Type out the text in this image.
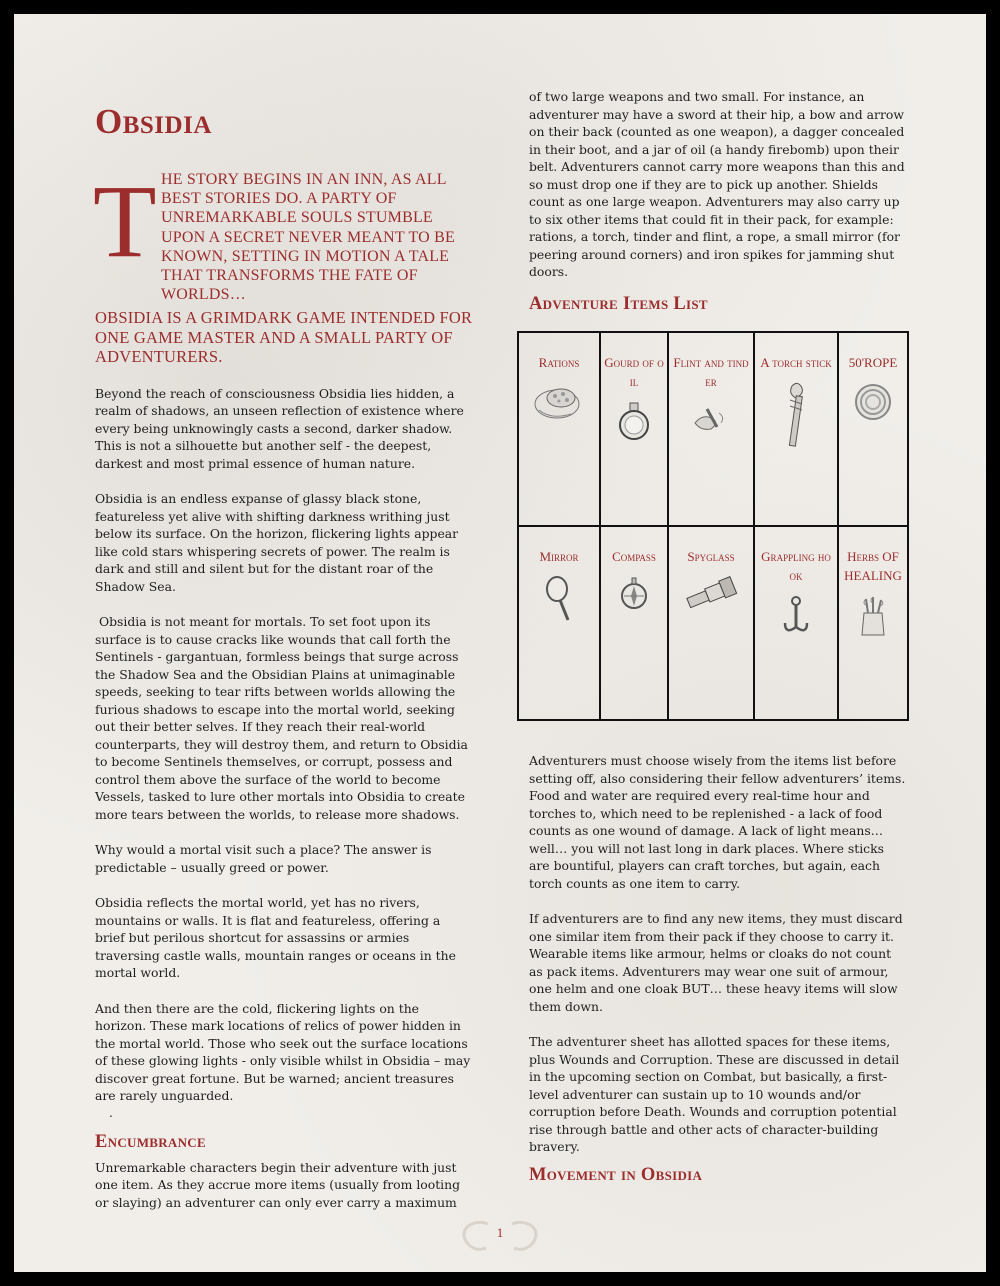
Obsidia
T HE STORY BEGINS IN AN INN, AS ALL BEST STORIES DO. A PARTY OF UNREMARKABLE SOULS STUMBLE UPON A SECRET NEVER MEANT TO BE KNOWN, SETTING IN MOTION A TALE THAT TRANSFORMS THE FATE OF WORLDS…
OBSIDIA IS A GRIMDARK GAME INTENDED FOR ONE GAME MASTER AND A SMALL PARTY OF ADVENTURERS.

Beyond the reach of consciousness Obsidia lies hidden, a realm of shadows, an unseen reflection of existence where every being unknowingly casts a second, darker shadow. This is not a silhouette but another self - the deepest, darkest and most primal essence of human nature.

Obsidia is an endless expanse of glassy black stone, featureless yet alive with shifting darkness writhing just below its surface. On the horizon, flickering lights appear like cold stars whispering secrets of power. The realm is dark and still and silent but for the distant roar of the Shadow Sea.

Obsidia is not meant for mortals. To set foot upon its surface is to cause cracks like wounds that call forth the Sentinels - gargantuan, formless beings that surge across the Shadow Sea and the Obsidian Plains at unimaginable speeds, seeking to tear rifts between worlds allowing the furious shadows to escape into the mortal world, seeking out their better selves. If they reach their real-world counterparts, they will destroy them, and return to Obsidia to become Sentinels themselves, or corrupt, possess and control them above the surface of the world to become Vessels, tasked to lure other mortals into Obsidia to create more tears between the worlds, to release more shadows.

Why would a mortal visit such a place? The answer is predictable – usually greed or power.

Obsidia reflects the mortal world, yet has no rivers, mountains or walls. It is flat and featureless, offering a brief but perilous shortcut for assassins or armies traversing castle walls, mountain ranges or oceans in the mortal world.

And then there are the cold, flickering lights on the horizon. These mark locations of relics of power hidden in the mortal world. Those who seek out the surface locations of these glowing lights - only visible whilst in Obsidia – may discover great fortune. But be warned; ancient treasures are rarely unguarded.

.
Encumbrance

Unremarkable characters begin their adventure with just one item. As they accrue more items (usually from looting or slaying) an adventurer can only ever carry a maximum

of two large weapons and two small. For instance, an adventurer may have a sword at their hip, a bow and arrow on their back (counted as one weapon), a dagger concealed in their boot, and a jar of oil (a handy firebomb) upon their belt. Adventurers cannot carry more weapons than this and so must drop one if they are to pick up another. Shields count as one large weapon. Adventurers may also carry up to six other items that could fit in their pack, for example: rations, a torch, tinder and flint, a rope, a small mirror (for peering around corners) and iron spikes for jamming shut doors.

Adventure Items List
Rations	Gourd of oil	Flint and tinder	A torch stick	50'ROPE

Mirror	Compass	Spyglass	Grappling hook	Herbs OF HEALING

Adventurers must choose wisely from the items list before setting off, also considering their fellow adventurers’ items. Food and water are required every real-time hour and torches to, which need to be replenished - a lack of food counts as one wound of damage. A lack of light means… well… you will not last long in dark places. Where sticks are bountiful, players can craft torches, but again, each torch counts as one item to carry.

If adventurers are to find any new items, they must discard one similar item from their pack if they choose to carry it. Wearable items like armour, helms or cloaks do not count as pack items. Adventurers may wear one suit of armour, one helm and one cloak BUT… these heavy items will slow them down.

The adventurer sheet has allotted spaces for these items, plus Wounds and Corruption. These are discussed in detail in the upcoming section on Combat, but basically, a first-level adventurer can sustain up to 10 wounds and/or corruption before Death. Wounds and corruption potential rise through battle and other acts of character-building bravery.

Movement in Obsidia
1
